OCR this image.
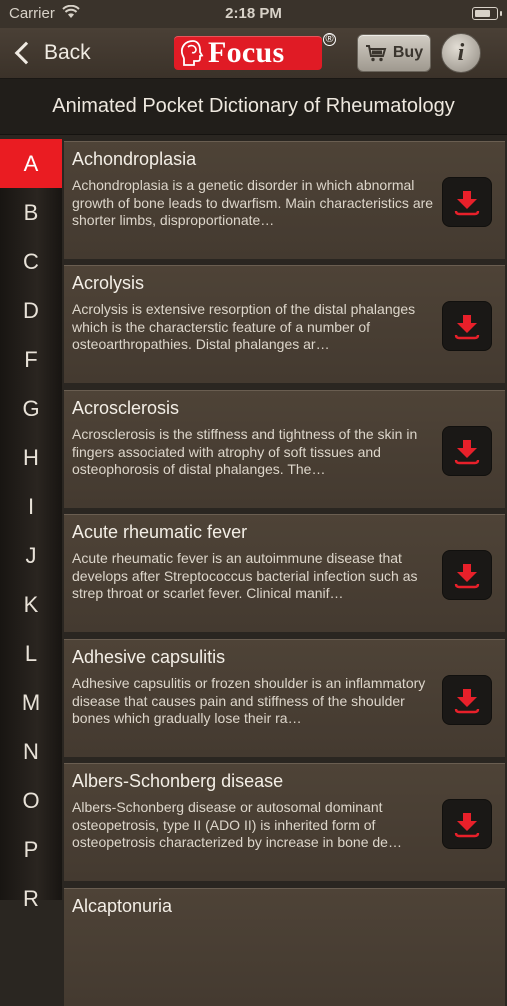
Carrier	2:18 PM
Back	Focus	®
Buy i
Animated Pocket Dictionary of Rheumatology
A
B
C
D
F
G
H
I
J
K
L
M
N
O
P
R
Achondroplasia
Achondroplasia is a genetic disorder in which abnormal growth of bone leads to dwarfism. Main characteristics are shorter limbs, disproportionate…
Acrolysis
Acrolysis is extensive resorption of the distal phalanges which is the characterstic feature of a number of osteoarthropathies. Distal phalanges ar…
Acrosclerosis
Acrosclerosis is the stiffness and tightness of the skin in fingers associated with atrophy of soft tissues and osteophorosis of distal phalanges. The…
Acute rheumatic fever
Acute rheumatic fever is an autoimmune disease that develops after Streptococcus bacterial infection such as strep throat or scarlet fever. Clinical manif…
Adhesive capsulitis
Adhesive capsulitis or frozen shoulder is an inflammatory disease that causes pain and stiffness of the shoulder bones which gradually lose their ra…
Albers-Schonberg disease
Albers-Schonberg disease or autosomal dominant osteopetrosis, type II (ADO II) is inherited form of osteopetrosis characterized by increase in bone de…
Alcaptonuria
